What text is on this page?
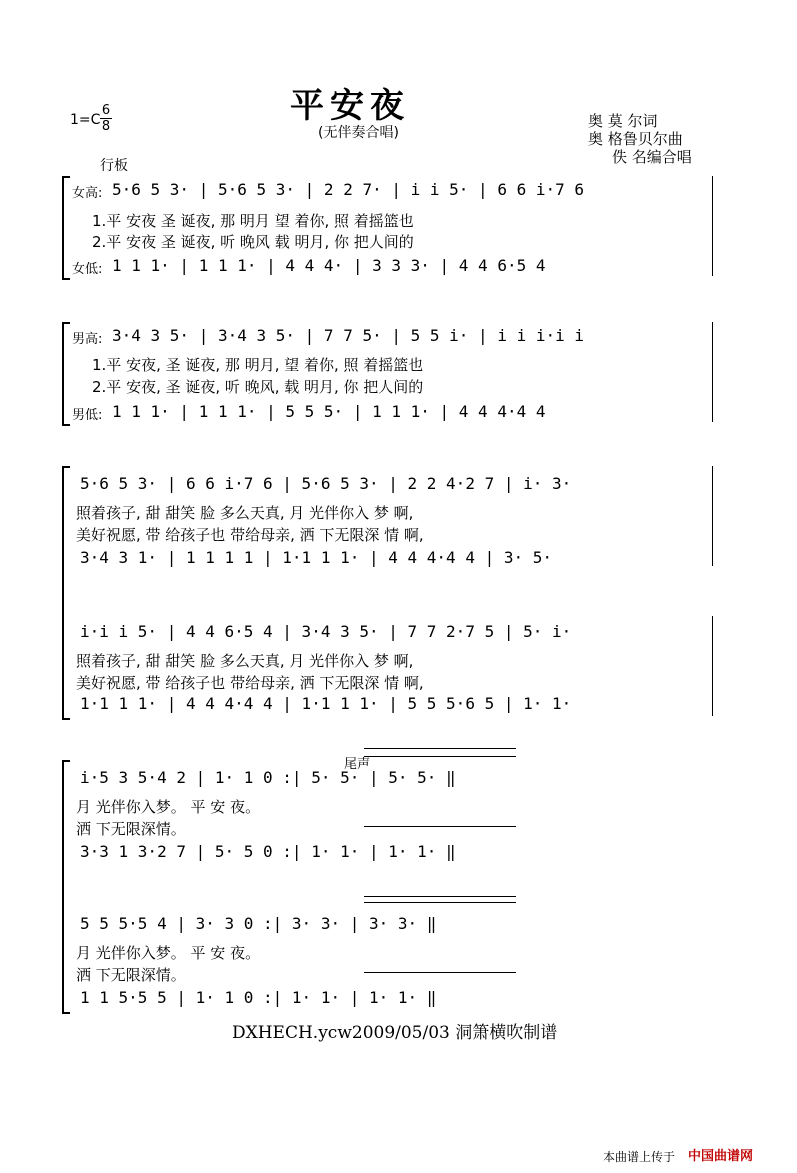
平安夜
(无伴奏合唱)
1=C
6
8	奥 莫 尔词
奥 格鲁贝尔曲
佚 名编合唱
行板
女高: 5·6 5 3· | 5·6 5 3· | 2 2 7· | i i 5· | 6 6 i·7 6
1.平 安夜 圣 诞夜, 那 明月 望 着你, 照 着摇篮也
2.平 安夜 圣 诞夜, 听 晚风 载 明月, 你 把人间的
女低: 1 1 1· | 1 1 1· | 4 4 4· | 3 3 3· | 4 4 6·5 4
男高: 3·4 3 5· | 3·4 3 5· | 7 7 5· | 5 5 i· | i i i·i i
1.平 安夜, 圣 诞夜, 那 明月, 望 着你, 照 着摇篮也
2.平 安夜, 圣 诞夜, 听 晚风, 载 明月, 你 把人间的
男低: 1 1 1· | 1 1 1· | 5 5 5· | 1 1 1· | 4 4 4·4 4
5·6 5 3· | 6 6 i·7 6 | 5·6 5 3· | 2 2 4·2 7 | i· 3·
照着孩子, 甜 甜笑 脸 多么天真, 月 光伴你入 梦 啊,
美好祝愿, 带 给孩子也 带给母亲, 洒 下无限深 情 啊,
3·4 3 1· | 1 1 1 1 | 1·1 1 1· | 4 4 4·4 4 | 3· 5·
i·i i 5· | 4 4 6·5 4 | 3·4 3 5· | 7 7 2·7 5 | 5· i·
照着孩子, 甜 甜笑 脸 多么天真, 月 光伴你入 梦 啊,
美好祝愿, 带 给孩子也 带给母亲, 洒 下无限深 情 啊,
1·1 1 1· | 4 4 4·4 4 | 1·1 1 1· | 5 5 5·6 5 | 1· 1·
尾声
i·5 3 5·4 2 | 1· 1 0 :| 5· 5· | 5· 5· ‖
月 光伴你入梦。 平 安 夜。
洒 下无限深情。
3·3 1 3·2 7 | 5· 5 0 :| 1· 1· | 1· 1· ‖
5 5 5·5 4 | 3· 3 0 :| 3· 3· | 3· 3· ‖
月 光伴你入梦。 平 安 夜。
洒 下无限深情。
1 1 5·5 5 | 1· 1 0 :| 1· 1· | 1· 1· ‖
DXHECH.ycw2009/05/03 洞箫横吹制谱
本曲谱上传于 中国曲谱网
